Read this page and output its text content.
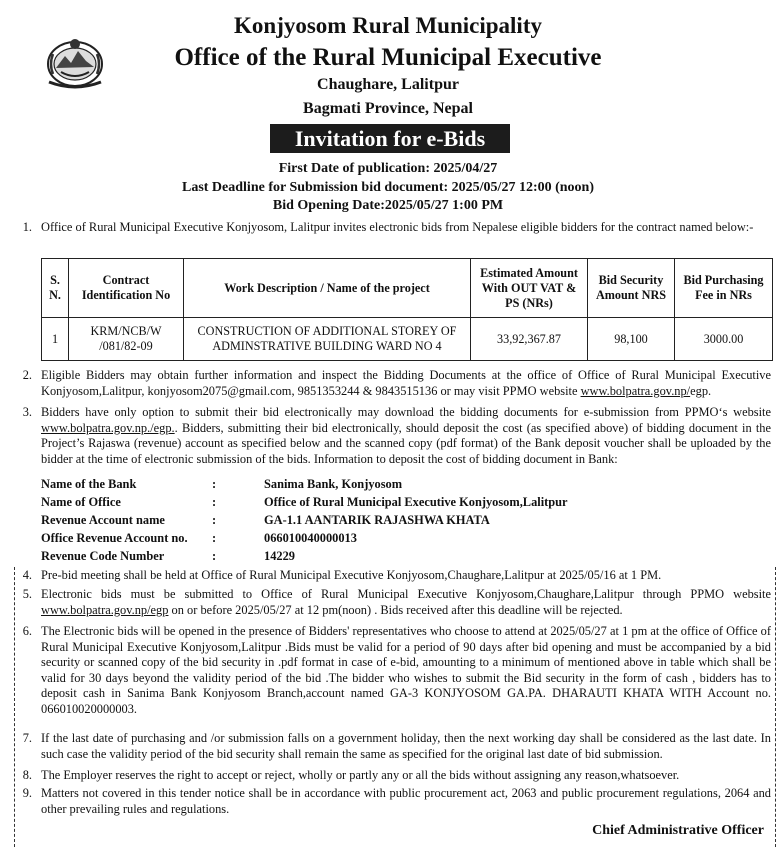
Konjyosom Rural Municipality
Office of the Rural Municipal Executive
Chaughare, Lalitpur
Bagmati Province, Nepal
Invitation for e-Bids
First Date of publication: 2025/04/27
Last Deadline for Submission bid document: 2025/05/27 12:00 (noon)
Bid Opening Date:2025/05/27 1:00 PM
1. Office of Rural Municipal Executive Konjyosom, Lalitpur invites electronic bids from Nepalese eligible bidders for the contract named below:-
S. N.	Contract Identification No	Work Description / Name of the project	Estimated Amount With OUT VAT & PS (NRs)	Bid Security Amount NRS	Bid Purchasing Fee in NRs
1	KRM/NCB/W /081/82-09	CONSTRUCTION OF ADDITIONAL STOREY OF ADMINSTRATIVE BUILDING WARD NO 4	33,92,367.87	98,100	3000.00
2. Eligible Bidders may obtain further information and inspect the Bidding Documents at the office of Office of Rural Municipal Executive Konjyosom,Lalitpur, konjyosom2075@gmail.com, 9851353244 & 9843515136 or may visit PPMO website www.bolpatra.gov.np/egp.
3. Bidders have only option to submit their bid electronically may download the bidding documents for e-submission from PPMO‘s website www.bolpatra.gov.np./egp.. Bidders, submitting their bid electronically, should deposit the cost (as specified above) of bidding document in the Project’s Rajaswa (revenue) account as specified below and the scanned copy (pdf format) of the Bank deposit voucher shall be uploaded by the bidder at the time of electronic submission of the bids. Information to deposit the cost of bidding document in Bank:
Name of the Bank	:	Sanima Bank, Konjyosom
Name of Office	:	Office of Rural Municipal Executive Konjyosom,Lalitpur
Revenue Account name	:	GA-1.1 AANTARIK RAJASHWA KHATA
Office Revenue Account no. :	066010040000013
Revenue Code Number	:	14229
4. Pre-bid meeting shall be held at Office of Rural Municipal Executive Konjyosom,Chaughare,Lalitpur at 2025/05/16 at 1 PM.
5. Electronic bids must be submitted to Office of Rural Municipal Executive Konjyosom,Chaughare,Lalitpur through PPMO website www.bolpatra.gov.np/egp on or before 2025/05/27 at 12 pm(noon) . Bids received after this deadline will be rejected.
6. The Electronic bids will be opened in the presence of Bidders' representatives who choose to attend at 2025/05/27 at 1 pm at the office of Office of Rural Municipal Executive Konjyosom,Lalitpur .Bids must be valid for a period of 90 days after bid opening and must be accompanied by a bid security or scanned copy of the bid security in .pdf format in case of e-bid, amounting to a minimum of mentioned above in table which shall be valid for 30 days beyond the validity period of the bid .The bidder who wishes to submit the Bid security in the form of cash , bidders has to deposit cash in Sanima Bank Konjyosom Branch,account named GA-3 KONJYOSOM GA.PA. DHARAUTI KHATA WITH Account no. 066010020000003.
7. If the last date of purchasing and /or submission falls on a government holiday, then the next working day shall be considered as the last date. In such case the validity period of the bid security shall remain the same as specified for the original last date of bid submission.
8. The Employer reserves the right to accept or reject, wholly or partly any or all the bids without assigning any reason,whatsoever.
9. Matters not covered in this tender notice shall be in accordance with public procurement act, 2063 and public procurement regulations, 2064 and other prevailing rules and regulations.
Chief Administrative Officer
